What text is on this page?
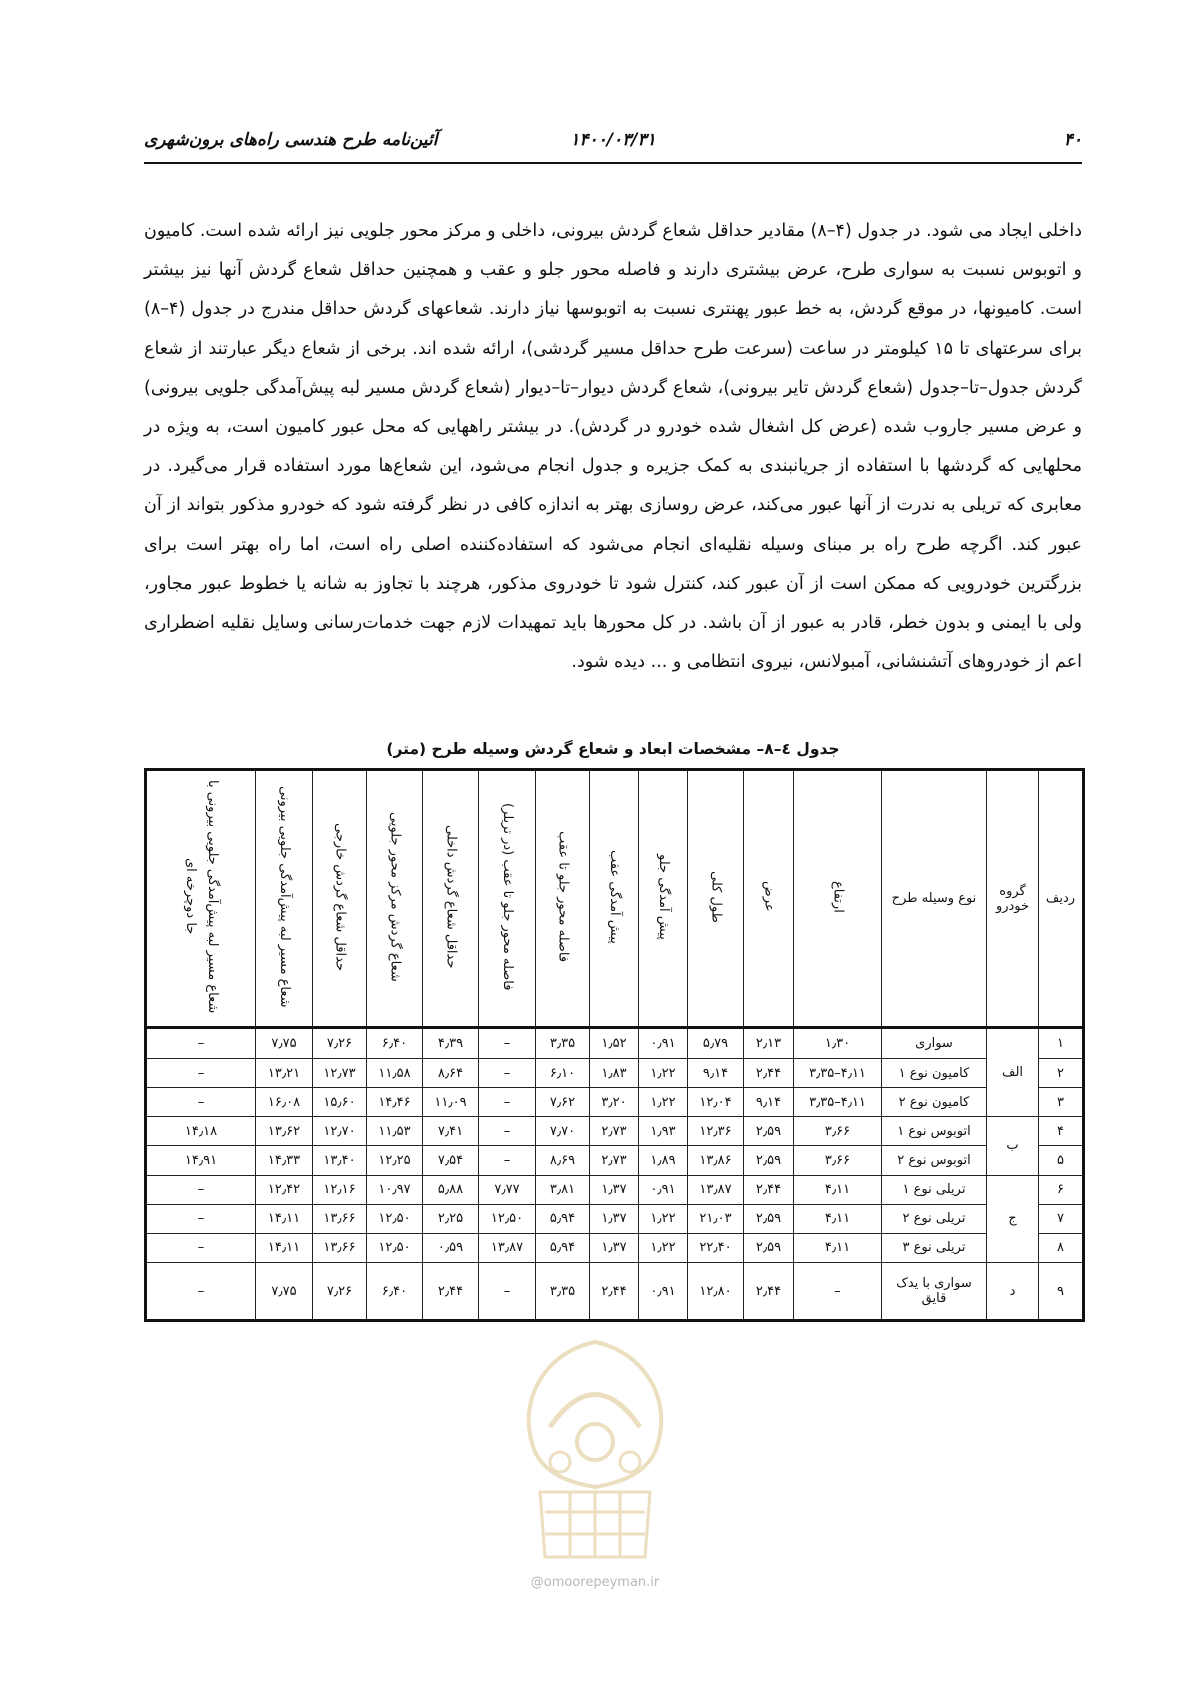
۴۰
۱۴۰۰/۰۳/۳۱
آئین‌نامه طرح هندسی راه‌های برون‌شهری

داخلی ایجاد می شود. در جدول (۴–۸) مقادیر حداقل شعاع گردش بیرونی، داخلی و مرکز محور جلویی نیز ارائه شده است. کامیون و اتوبوس نسبت به سواری طرح، عرض بیشتری دارند و فاصله محور جلو و عقب و همچنین حداقل شعاع گردش آنها نیز بیشتر است. کامیونها، در موقع گردش، به خط عبور پهنتری نسبت به اتوبوسها نیاز دارند. شعاعهای گردش حداقل مندرج در جدول (۴–۸) برای سرعتهای تا ۱۵ کیلومتر در ساعت (سرعت طرح حداقل مسیر گردشی)، ارائه شده اند. برخی از شعاع دیگر عبارتند از شعاع گردش جدول–تا–جدول (شعاع گردش تایر بیرونی)، شعاع گردش دیوار–تا–دیوار (شعاع گردش مسیر لبه پیش‌آمدگی جلویی بیرونی) و عرض مسیر جاروب شده (عرض کل اشغال شده خودرو در گردش). در بیشتر راههایی که محل عبور کامیون است، به ویژه در محلهایی که گردشها با استفاده از جریانبندی به کمک جزیره و جدول انجام می‌شود، این شعاع‌ها مورد استفاده قرار می‌گیرد. در معابری که تریلی به ندرت از آنها عبور می‌کند، عرض روسازی بهتر به اندازه کافی در نظر گرفته شود که خودرو مذکور بتواند از آن عبور کند. اگرچه طرح راه بر مبنای وسیله نقلیه‌ای انجام می‌شود که استفاده‌کننده اصلی راه است، اما راه بهتر است برای بزرگترین خودرویی که ممکن است از آن عبور کند، کنترل شود تا خودروی مذکور، هرچند با تجاوز به شانه یا خطوط عبور مجاور، ولی با ایمنی و بدون خطر، قادر به عبور از آن باشد. در کل محورها باید تمهیدات لازم جهت خدمات‌رسانی وسایل نقلیه اضطراری اعم از خودروهای آتشنشانی، آمبولانس، نیروی انتظامی و ... دیده شود.

جدول ٤–٨– مشخصات ابعاد و شعاع گردش وسیله طرح (متر)
ردیف	گروه خودرو	نوع وسیله طرح	ارتفاع	عرض	طول کلی	پیش آمدگی جلو	پیش آمدگی عقب	فاصله محور جلو تا عقب	فاصله محور جلو تا عقب (در تریلر)	حداقل شعاع گردش داخلی	شعاع گردش مرکز محور جلویی	حداقل شعاع گردش خارجی	شعاع مسیر لبه پیش‌آمدگی جلویی بیرونی	شعاع مسیر لبه پیش‌آمدگی جلویی بیرونی با جا دوچرخه ای
۱	الف	سواری	۱٫۳۰	۲٫۱۳	۵٫۷۹	۰٫۹۱	۱٫۵۲	۳٫۳۵	–	۴٫۳۹	۶٫۴۰	۷٫۲۶	۷٫۷۵	–
۲		کامیون نوع ۱	۴٫۱۱–۳٫۳۵	۲٫۴۴	۹٫۱۴	۱٫۲۲	۱٫۸۳	۶٫۱۰	–	۸٫۶۴	۱۱٫۵۸	۱۲٫۷۳	۱۳٫۲۱	–
۳		کامیون نوع ۲	۴٫۱۱–۳٫۳۵	۹٫۱۴	۱۲٫۰۴	۱٫۲۲	۳٫۲۰	۷٫۶۲	–	۱۱٫۰۹	۱۴٫۴۶	۱۵٫۶۰	۱۶٫۰۸	–
۴	ب	اتوبوس نوع ۱	۳٫۶۶	۲٫۵۹	۱۲٫۳۶	۱٫۹۳	۲٫۷۳	۷٫۷۰	–	۷٫۴۱	۱۱٫۵۳	۱۲٫۷۰	۱۳٫۶۲	۱۴٫۱۸
۵		اتوبوس نوع ۲	۳٫۶۶	۲٫۵۹	۱۳٫۸۶	۱٫۸۹	۲٫۷۳	۸٫۶۹	–	۷٫۵۴	۱۲٫۲۵	۱۳٫۴۰	۱۴٫۳۳	۱۴٫۹۱
۶	ج	تریلی نوع ۱	۴٫۱۱	۲٫۴۴	۱۳٫۸۷	۰٫۹۱	۱٫۳۷	۳٫۸۱	۷٫۷۷	۵٫۸۸	۱۰٫۹۷	۱۲٫۱۶	۱۲٫۴۲	–
۷		تریلی نوع ۲	۴٫۱۱	۲٫۵۹	۲۱٫۰۳	۱٫۲۲	۱٫۳۷	۵٫۹۴	۱۲٫۵۰	۲٫۲۵	۱۲٫۵۰	۱۳٫۶۶	۱۴٫۱۱	–
۸		تریلی نوع ۳	۴٫۱۱	۲٫۵۹	۲۲٫۴۰	۱٫۲۲	۱٫۳۷	۵٫۹۴	۱۳٫۸۷	۰٫۵۹	۱۲٫۵۰	۱۳٫۶۶	۱۴٫۱۱	–
۹	د	سواری با یدک قایق	–	۲٫۴۴	۱۲٫۸۰	۰٫۹۱	۲٫۴۴	۳٫۳۵	–	۲٫۴۴	۶٫۴۰	۷٫۲۶	۷٫۷۵	–
@omoorepeyman.ir
